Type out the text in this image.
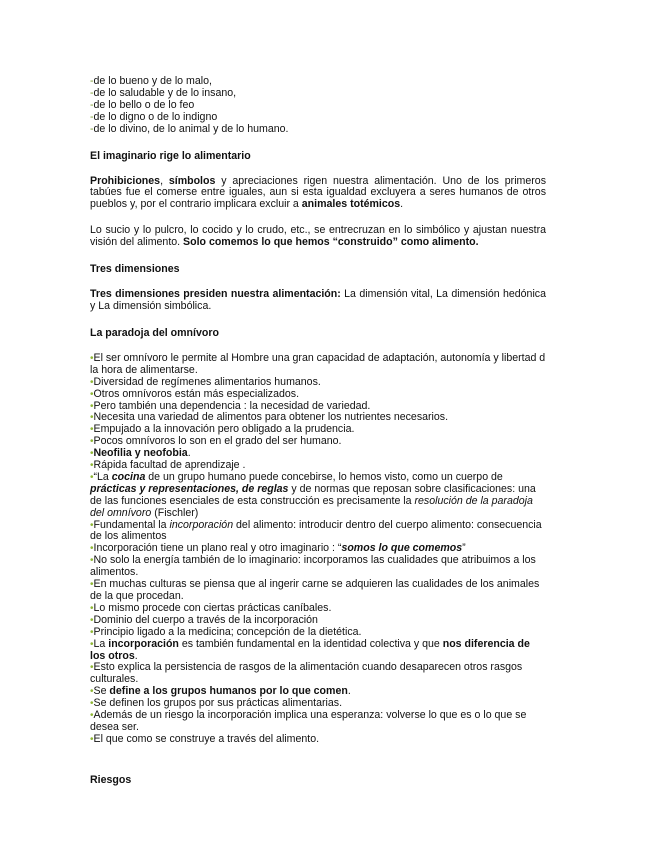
- de lo bueno y de lo malo,
- de lo saludable y de lo insano,
- de lo bello o de lo feo
- de lo digno o de lo indigno
- de lo divino, de lo animal y de lo humano.
El imaginario rige lo alimentario

Prohibiciones, símbolos y apreciaciones rigen nuestra alimentación. Uno de los primeros tabúes fue el comerse entre iguales, aun si esta igualdad excluyera a seres humanos de otros pueblos y, por el contrario implicara excluir a animales totémicos.

Lo sucio y lo pulcro, lo cocido y lo crudo, etc., se entrecruzan en lo simbólico y ajustan nuestra visión del alimento. Solo comemos lo que hemos “construido” como alimento.

Tres dimensiones

Tres dimensiones presiden nuestra alimentación: La dimensión vital, La dimensión hedónica y La dimensión simbólica.

La paradoja del omnívoro
• El ser omnívoro le permite al Hombre una gran capacidad de adaptación, autonomía y libertad d la hora de alimentarse.
• Diversidad de regímenes alimentarios humanos.
• Otros omnívoros están más especializados.
• Pero también una dependencia : la necesidad de variedad.
• Necesita una variedad de alimentos para obtener los nutrientes necesarios.
• Empujado a la innovación pero obligado a la prudencia.
• Pocos omnívoros lo son en el grado del ser humano.
• Neofilia y neofobia.
• Rápida facultad de aprendizaje .
• “La cocina de un grupo humano puede concebirse, lo hemos visto, como un cuerpo de prácticas y representaciones, de reglas y de normas que reposan sobre clasificaciones: una de las funciones esenciales de esta construcción es precisamente la resolución de la paradoja del omnívoro (Fischler)
• Fundamental la incorporación del alimento: introducir dentro del cuerpo alimento: consecuencia de los alimentos
• Incorporación tiene un plano real y otro imaginario : “somos lo que comemos”
• No solo la energía también de lo imaginario: incorporamos las cualidades que atribuimos a los alimentos.
• En muchas culturas se piensa que al ingerir carne se adquieren las cualidades de los animales de la que procedan.
• Lo mismo procede con ciertas prácticas caníbales.
• Dominio del cuerpo a través de la incorporación
• Principio ligado a la medicina; concepción de la dietética.
• La incorporación es también fundamental en la identidad colectiva y que nos diferencia de los otros.
• Esto explica la persistencia de rasgos de la alimentación cuando desaparecen otros rasgos culturales.
• Se define a los grupos humanos por lo que comen.
• Se definen los grupos por sus prácticas alimentarias.
• Además de un riesgo la incorporación implica una esperanza: volverse lo que es o lo que se desea ser.
• El que como se construye a través del alimento.
Riesgos
